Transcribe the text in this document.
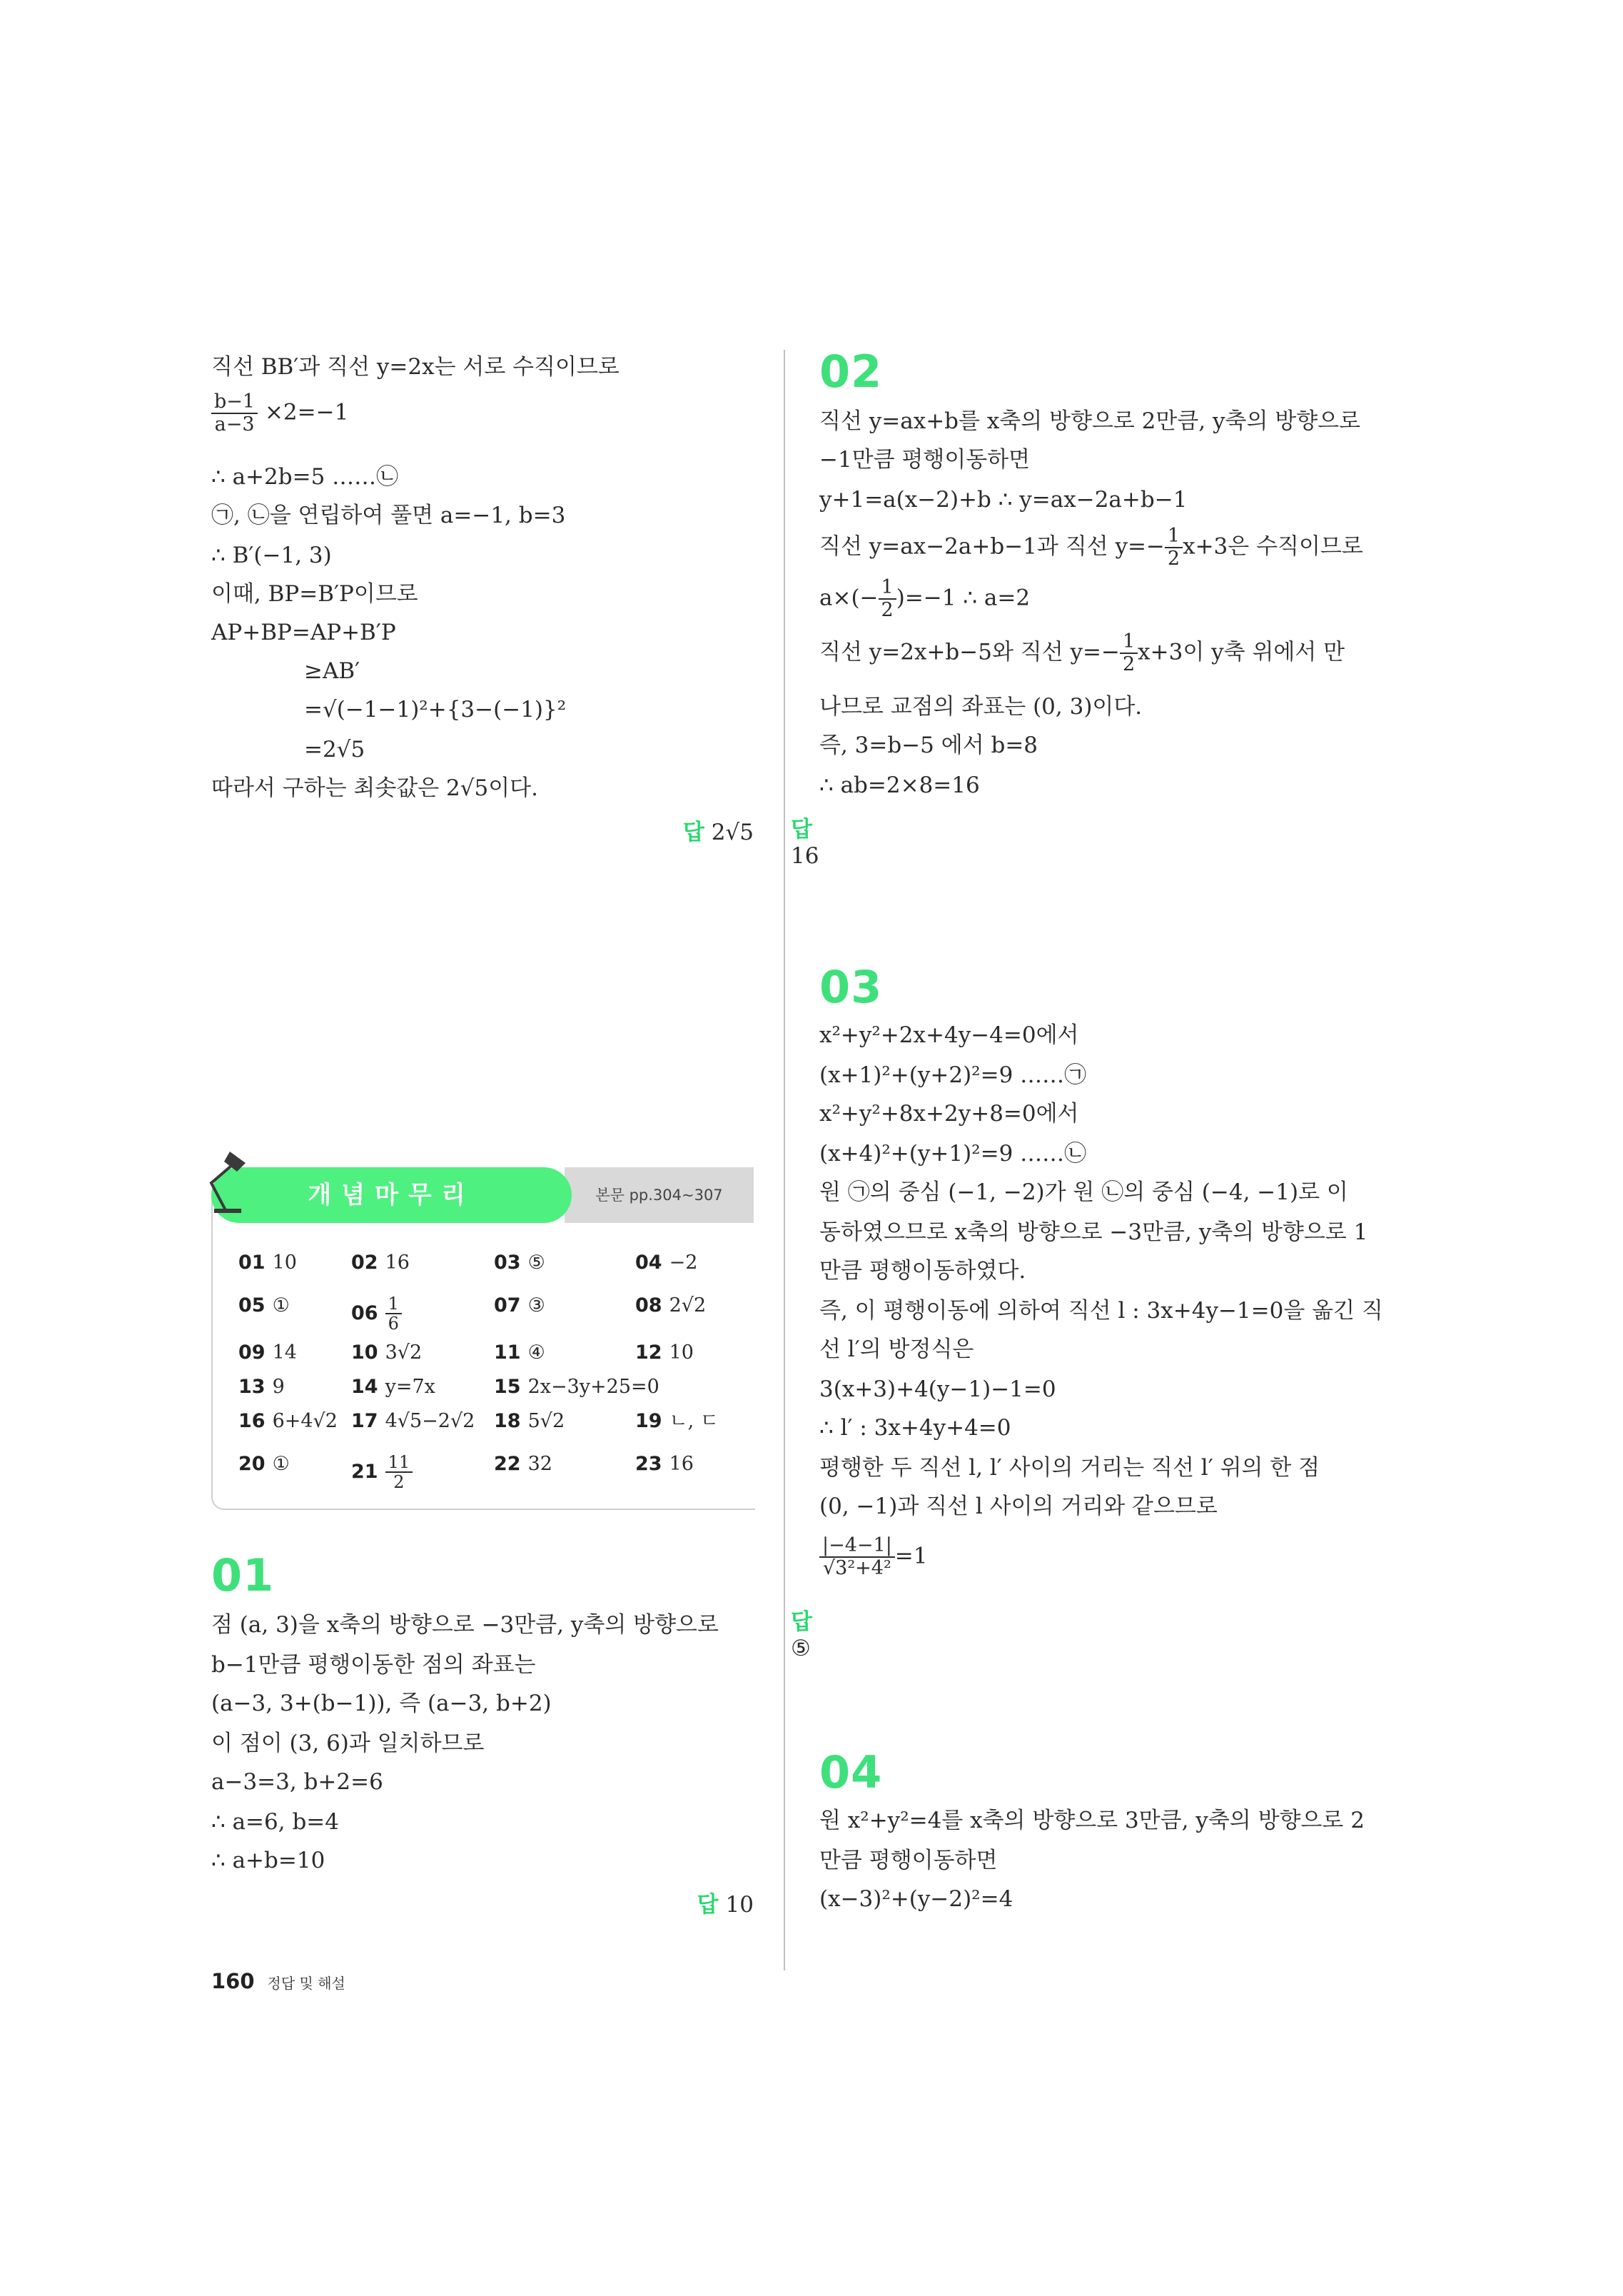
직선 BB′과 직선 y=2x는 서로 수직이므로
$\frac{b-1}{a-3} \times 2=-1$
∴ a+2b=5 ……㉡
㉠, ㉡을 연립하여 풀면 a=−1, b=3
∴ B′(−1, 3)
이때, BP=B′P이므로
AP+BP=AP+B′P
≥AB′
=√(−1−1)²+{3−(−1)}²
=2√5
따라서 구하는 최솟값은 2√5이다.
답 2√5
본문 pp.304~307
개념마무리
01 10	02 16	03 ⑤	04 −2
05 ①	$06 \frac{1}{6}$	07 ③	08 2√2
09 14	10 3√2	11 ④	12 10
13 9	14 y=7x	15 2x−3y+25=0
16 6+4√2 17 4√5−2√2 18 5√2	19 ㄴ, ㄷ
20 ①	$21 \frac{11}{2}$	22 32	23 16
01
점 (a, 3)을 x축의 방향으로 −3만큼, y축의 방향으로
b−1만큼 평행이동한 점의 좌표는
(a−3, 3+(b−1)), 즉 (a−3, b+2)
이 점이 (3, 6)과 일치하므로
a−3=3, b+2=6
∴ a=6, b=4
∴ a+b=10
답 10
02
직선 y=ax+b를 x축의 방향으로 2만큼, y축의 방향으로
−1만큼 평행이동하면
y+1=a(x−2)+b ∴ y=ax−2a+b−1
직선 y=ax−2a+b−1과 직선 $y=- \frac{1}{2} x+3$은 수직이므로
$a\times(- \frac{1}{2} )=-1$ ∴ a=2
직선 y=2x+b−5와 직선 $y=- \frac{1}{2} x+3$이 y축 위에서 만
나므로 교점의 좌표는 (0, 3)이다.
즉, 3=b−5 에서 b=8
∴ ab=2×8=16
답16
03
x²+y²+2x+4y−4=0에서
(x+1)²+(y+2)²=9 ……㉠
x²+y²+8x+2y+8=0에서
(x+4)²+(y+1)²=9 ……㉡
원 ㉠의 중심 (−1, −2)가 원 ㉡의 중심 (−4, −1)로 이
동하였으므로 x축의 방향으로 −3만큼, y축의 방향으로 1
만큼 평행이동하였다.
즉, 이 평행이동에 의하여 직선 l : 3x+4y−1=0을 옮긴 직
선 l′의 방정식은
3(x+3)+4(y−1)−1=0
∴ l′ : 3x+4y+4=0
평행한 두 직선 l, l′ 사이의 거리는 직선 l′ 위의 한 점
(0, −1)과 직선 l 사이의 거리와 같으므로
$\frac{|-4-1|}{\text{√3²+4²}} =1$
답⑤
04
원 x²+y²=4를 x축의 방향으로 3만큼, y축의 방향으로 2
만큼 평행이동하면
(x−3)²+(y−2)²=4
160 정답 및 해설
